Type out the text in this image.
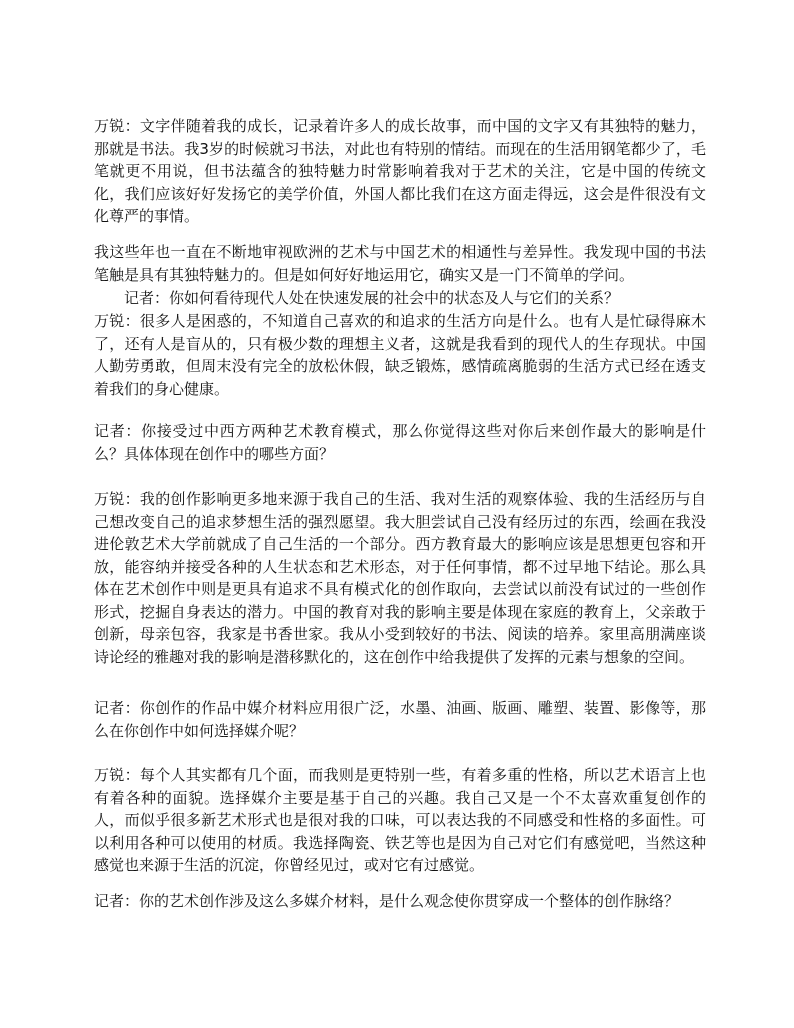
万锐：文字伴随着我的成长，记录着许多人的成长故事，而中国的文字又有其独特的魅力，那就是书法。我3岁的时候就习书法，对此也有特别的情结。而现在的生活用钢笔都少了，毛笔就更不用说，但书法蕴含的独特魅力时常影响着我对于艺术的关注，它是中国的传统文化，我们应该好好发扬它的美学价值，外国人都比我们在这方面走得远，这会是件很没有文化尊严的事情。

我这些年也一直在不断地审视欧洲的艺术与中国艺术的相通性与差异性。我发现中国的书法笔触是具有其独特魅力的。但是如何好好地运用它，确实又是一门不简单的学问。

记者：你如何看待现代人处在快速发展的社会中的状态及人与它们的关系？

万锐：很多人是困惑的，不知道自己喜欢的和追求的生活方向是什么。也有人是忙碌得麻木了，还有人是盲从的，只有极少数的理想主义者，这就是我看到的现代人的生存现状。中国人勤劳勇敢，但周末没有完全的放松休假，缺乏锻炼，感情疏离脆弱的生活方式已经在透支着我们的身心健康。

记者：你接受过中西方两种艺术教育模式，那么你觉得这些对你后来创作最大的影响是什么？具体体现在创作中的哪些方面？

万锐：我的创作影响更多地来源于我自己的生活、我对生活的观察体验、我的生活经历与自己想改变自己的追求梦想生活的强烈愿望。我大胆尝试自己没有经历过的东西，绘画在我没进伦敦艺术大学前就成了自己生活的一个部分。西方教育最大的影响应该是思想更包容和开放，能容纳并接受各种的人生状态和艺术形态，对于任何事情，都不过早地下结论。那么具体在艺术创作中则是更具有追求不具有模式化的创作取向，去尝试以前没有试过的一些创作形式，挖掘自身表达的潜力。中国的教育对我的影响主要是体现在家庭的教育上，父亲敢于创新，母亲包容，我家是书香世家。我从小受到较好的书法、阅读的培养。家里高朋满座谈诗论经的雅趣对我的影响是潜移默化的，这在创作中给我提供了发挥的元素与想象的空间。

记者：你创作的作品中媒介材料应用很广泛，水墨、油画、版画、雕塑、装置、影像等，那么在你创作中如何选择媒介呢？

万锐：每个人其实都有几个面，而我则是更特别一些，有着多重的性格，所以艺术语言上也有着各种的面貌。选择媒介主要是基于自己的兴趣。我自己又是一个不太喜欢重复创作的人，而似乎很多新艺术形式也是很对我的口味，可以表达我的不同感受和性格的多面性。可以利用各种可以使用的材质。我选择陶瓷、铁艺等也是因为自己对它们有感觉吧，当然这种感觉也来源于生活的沉淀，你曾经见过，或对它有过感觉。

记者：你的艺术创作涉及这么多媒介材料，是什么观念使你贯穿成一个整体的创作脉络？
